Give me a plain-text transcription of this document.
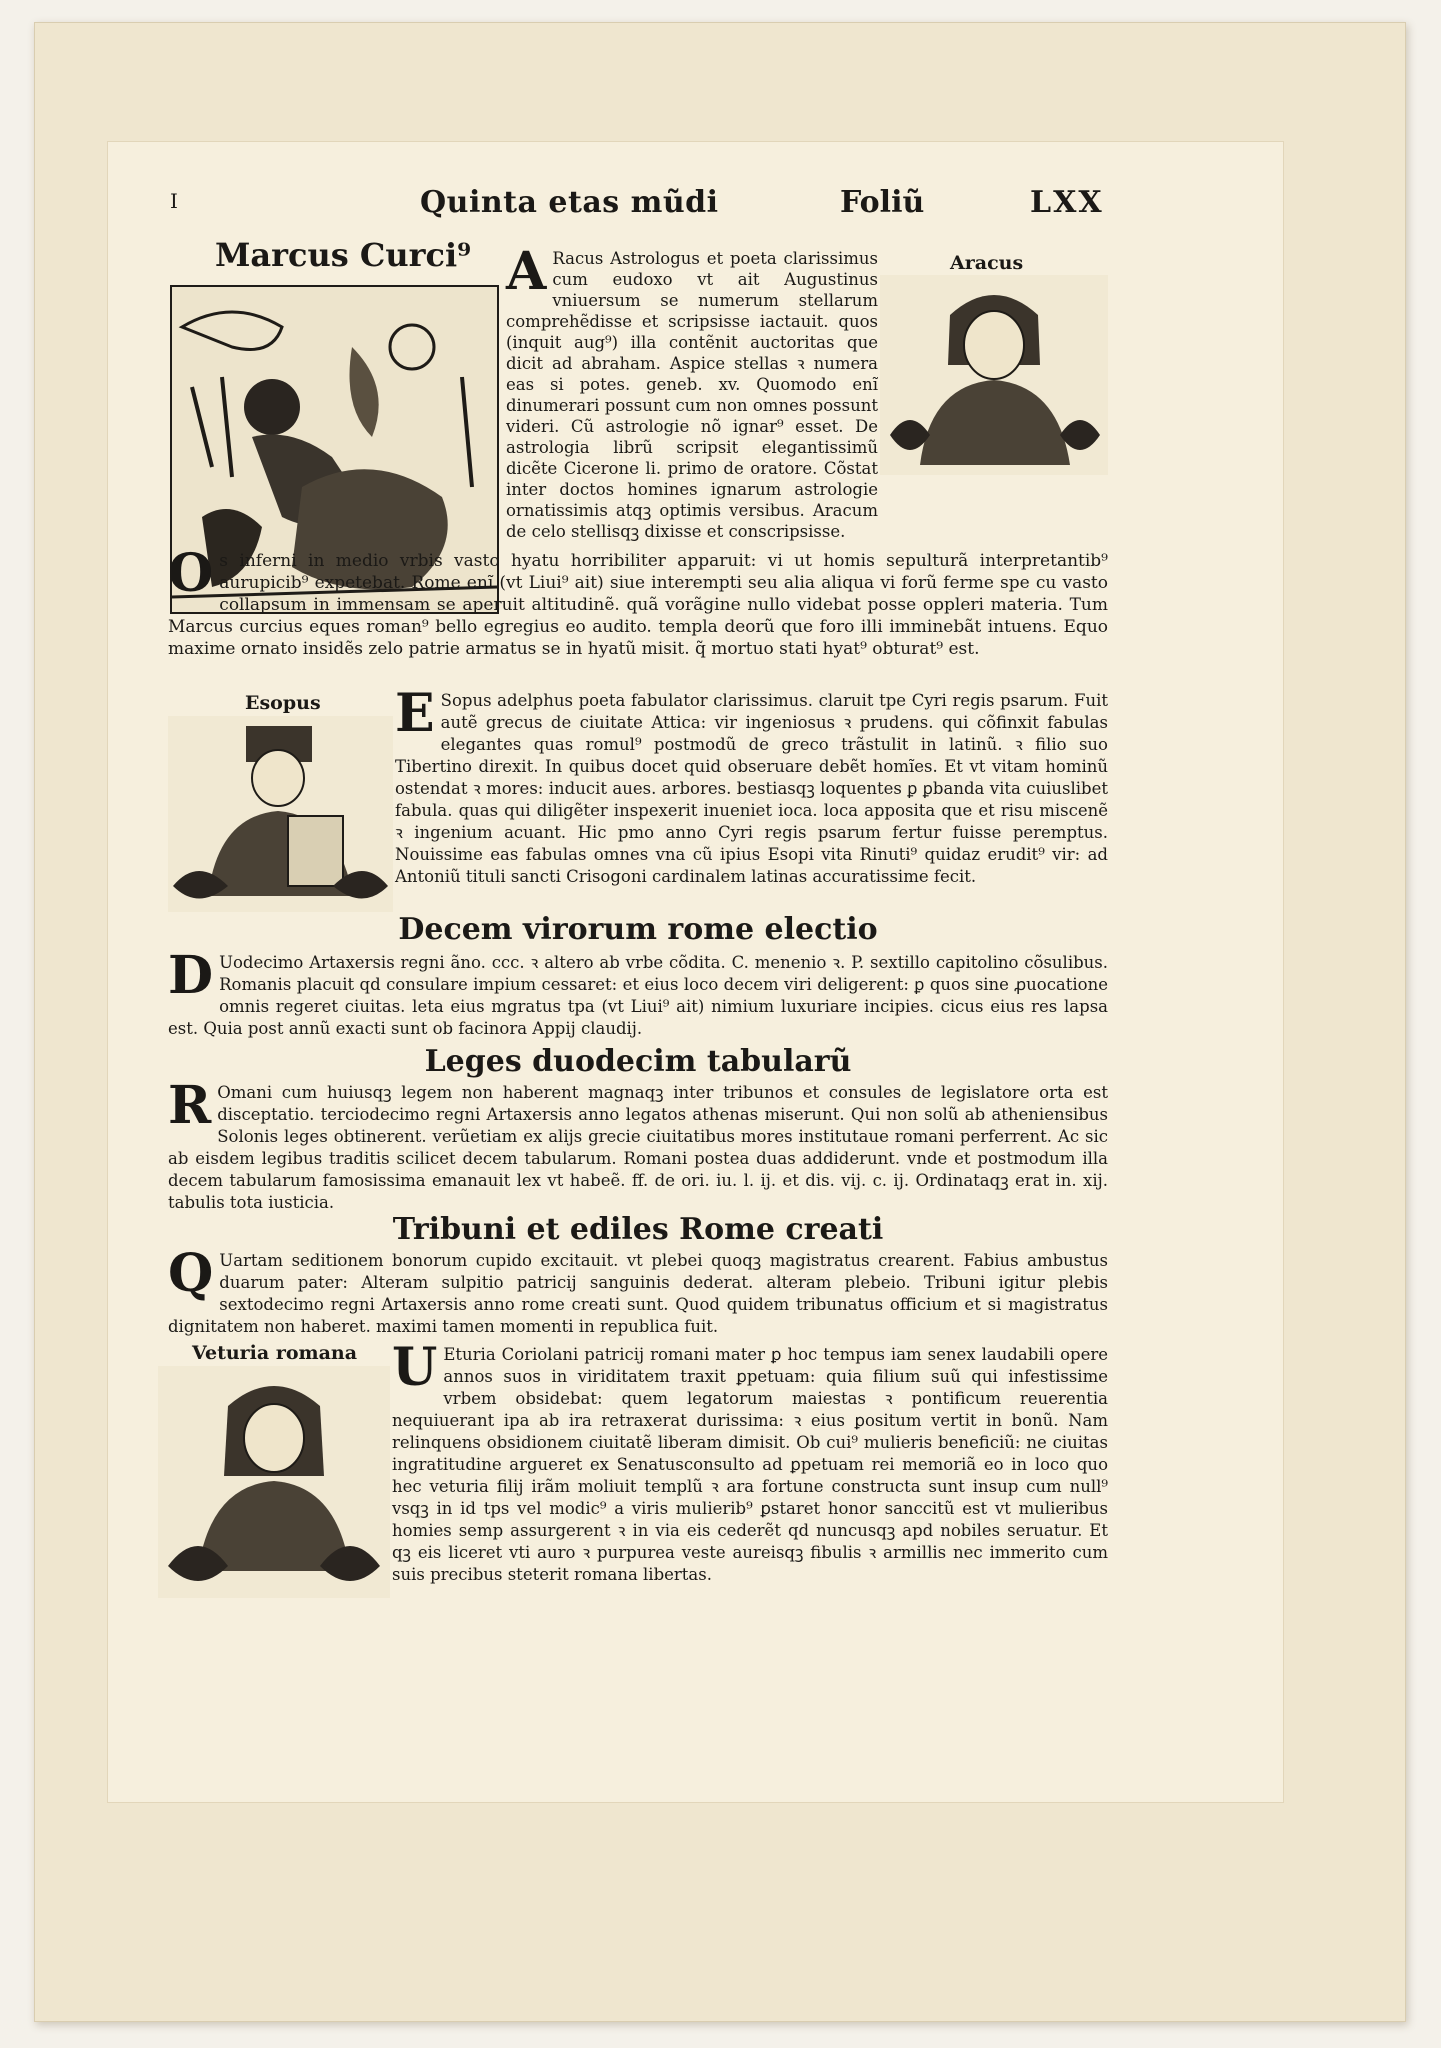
I	Quinta etas mũdi	Foliũ	LXX
Marcus Curci⁹ A Racus Astrologus et poeta clarissimus cum eudoxo vt ait Augustinus vniuersum se numerum stellarum comprehẽdisse et scripsisse iactauit. quos (inquit aug⁹) illa contẽnit auctoritas que dicit ad abraham. Aspice stellas ꝛ numera eas si potes. geneb. xv. Quomodo enĩ dinumerari possunt cum non omnes possunt videri. Cũ astrologie nõ ignar⁹ esset. De astrologia librũ scripsit elegantissimũ dicẽte Cicerone li. primo de oratore. Cõstat inter doctos homines ignarum astrologie ornatissimis atqꝫ optimis versibus. Aracum de celo stellisqꝫ dixisse et conscripsisse.
Aracus
O s inferni in medio vrbis vasto hyatu horribiliter apparuit: vi ut homis sepulturã interpretantib⁹ aurupicib⁹ expetebat. Rome enĩ (vt Liui⁹ ait) siue interempti seu alia aliqua vi forũ ferme spe cu vasto collapsum in immensam se aperuit altitudinẽ. quã vorãgine nullo videbat posse oppleri materia. Tum Marcus curcius eques roman⁹ bello egregius eo audito. templa deorũ que foro illi imminebãt intuens. Equo maxime ornato insidẽs zelo patrie armatus se in hyatũ misit. q̃ mortuo stati hyat⁹ obturat⁹ est.
Esopus E Sopus adelphus poeta fabulator clarissimus. claruit tpe Cyri regis psarum. Fuit autẽ grecus de ciuitate Attica: vir ingeniosus ꝛ prudens. qui cõfinxit fabulas elegantes quas romul⁹ postmodũ de greco trãstulit in latinũ. ꝛ filio suo Tibertino direxit. In quibus docet quid obseruare debẽt homĩes. Et vt vitam hominũ ostendat ꝛ mores: inducit aues. arbores. bestiasqꝫ loquentes ꝑ ꝑbanda vita cuiuslibet fabula. quas qui diligẽter inspexerit inueniet ioca. loca apposita que et risu miscenẽ ꝛ ingenium acuant. Hic pmo anno Cyri regis psarum fertur fuisse peremptus. Nouissime eas fabulas omnes vna cũ ipius Esopi vita Rinuti⁹ quidaz erudit⁹ vir: ad Antoniũ tituli sancti Crisogoni cardinalem latinas accuratissime fecit.
Decem virorum rome electio
D Uodecimo Artaxersis regni ãno. ccc. ꝛ altero ab vrbe cõdita. C. menenio ꝛ. P. sextillo capitolino cõsulibus. Romanis placuit qd consulare impium cessaret: et eius loco decem viri deligerent: ꝑ quos sine ꝓuocatione omnis regeret ciuitas. leta eius mgratus tpa (vt Liui⁹ ait) nimium luxuriare incipies. cicus eius res lapsa est. Quia post annũ exacti sunt ob facinora Appij claudij.
Leges duodecim tabularũ
R Omani cum huiusqꝫ legem non haberent magnaqꝫ inter tribunos et consules de legislatore orta est disceptatio. terciodecimo regni Artaxersis anno legatos athenas miserunt. Qui non solũ ab atheniensibus Solonis leges obtinerent. verũetiam ex alijs grecie ciuitatibus mores institutaue romani perferrent. Ac sic ab eisdem legibus traditis scilicet decem tabularum. Romani postea duas addiderunt. vnde et postmodum illa decem tabularum famosissima emanauit lex vt habeẽ. ff. de ori. iu. l. ij. et dis. vij. c. ij. Ordinataqꝫ erat in. xij. tabulis tota iusticia.
Tribuni et ediles Rome creati
Q Uartam seditionem bonorum cupido excitauit. vt plebei quoqꝫ magistratus crearent. Fabius ambustus duarum pater: Alteram sulpitio patricij sanguinis dederat. alteram plebeio. Tribuni igitur plebis sextodecimo regni Artaxersis anno rome creati sunt. Quod quidem tribunatus officium et si magistratus dignitatem non haberet. maximi tamen momenti in republica fuit.
Veturia romana U Eturia Coriolani patricij romani mater ꝑ hoc tempus iam senex laudabili opere annos suos in viriditatem traxit ꝑpetuam: quia filium suũ qui infestissime vrbem obsidebat: quem legatorum maiestas ꝛ pontificum reuerentia nequiuerant ipa ab ira retraxerat durissima: ꝛ eius ꝑositum vertit in bonũ. Nam relinquens obsidionem ciuitatẽ liberam dimisit. Ob cui⁹ mulieris beneficiũ: ne ciuitas ingratitudine argueret ex Senatusconsulto ad ꝑpetuam rei memoriã eo in loco quo hec veturia filij irãm moliuit templũ ꝛ ara fortune constructa sunt insup cum null⁹ vsqꝫ in id tps vel modic⁹ a viris mulierib⁹ ꝑstaret honor sanccitũ est vt mulieribus homies semp assurgerent ꝛ in via eis cederẽt qd nuncusqꝫ apd nobiles seruatur. Et qꝫ eis liceret vti auro ꝛ purpurea veste aureisqꝫ fibulis ꝛ armillis nec immerito cum suis precibus steterit romana libertas.
